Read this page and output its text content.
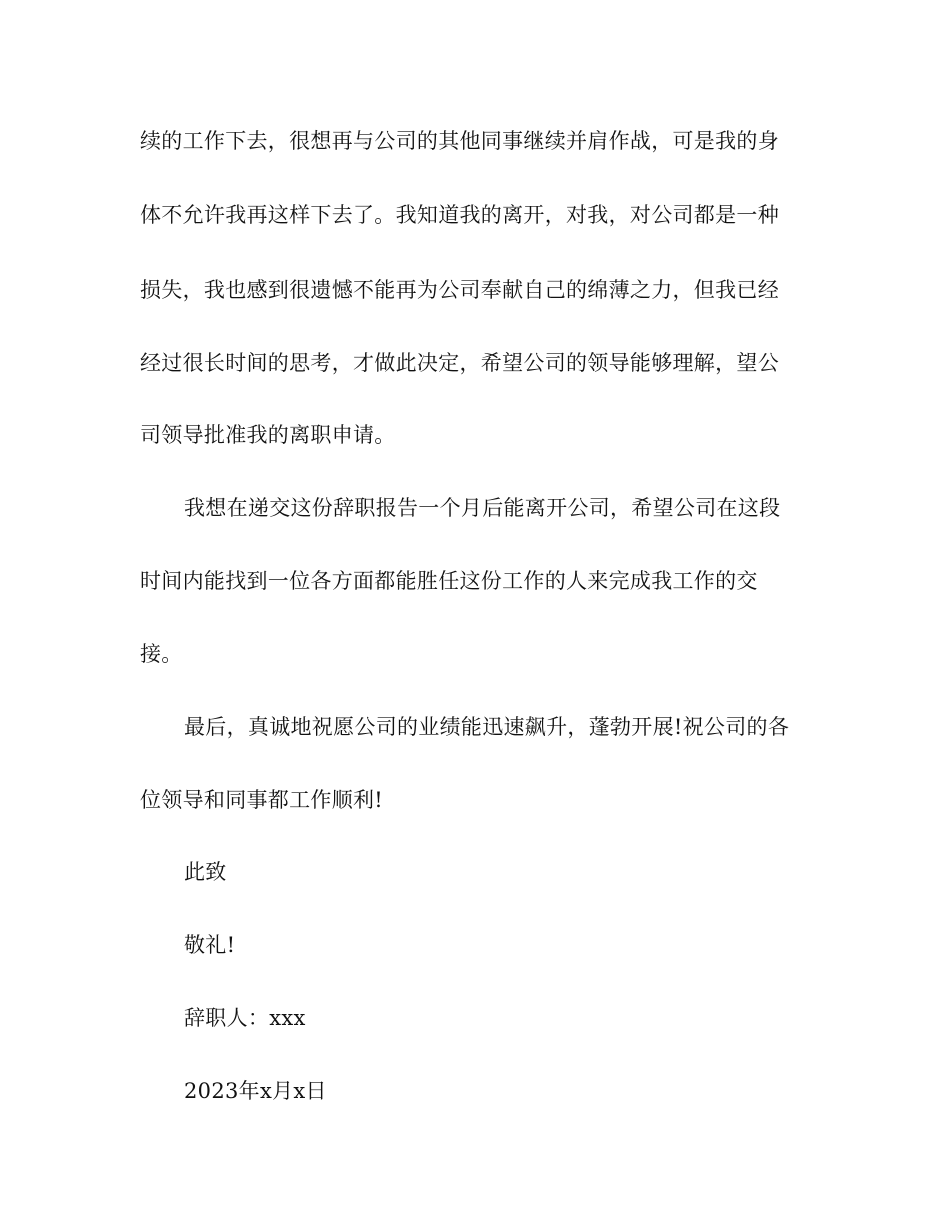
续的工作下去，很想再与公司的其他同事继续并肩作战，可是我的身
体不允许我再这样下去了。我知道我的离开，对我，对公司都是一种
损失，我也感到很遗憾不能再为公司奉献自己的绵薄之力，但我已经
经过很长时间的思考，才做此决定，希望公司的领导能够理解，望公
司领导批准我的离职申请。
我想在递交这份辞职报告一个月后能离开公司，希望公司在这段
时间内能找到一位各方面都能胜任这份工作的人来完成我工作的交
接。
最后，真诚地祝愿公司的业绩能迅速飙升，蓬勃开展!祝公司的各
位领导和同事都工作顺利!
此致
敬礼!
辞职人：xxx
2023年x月x日
